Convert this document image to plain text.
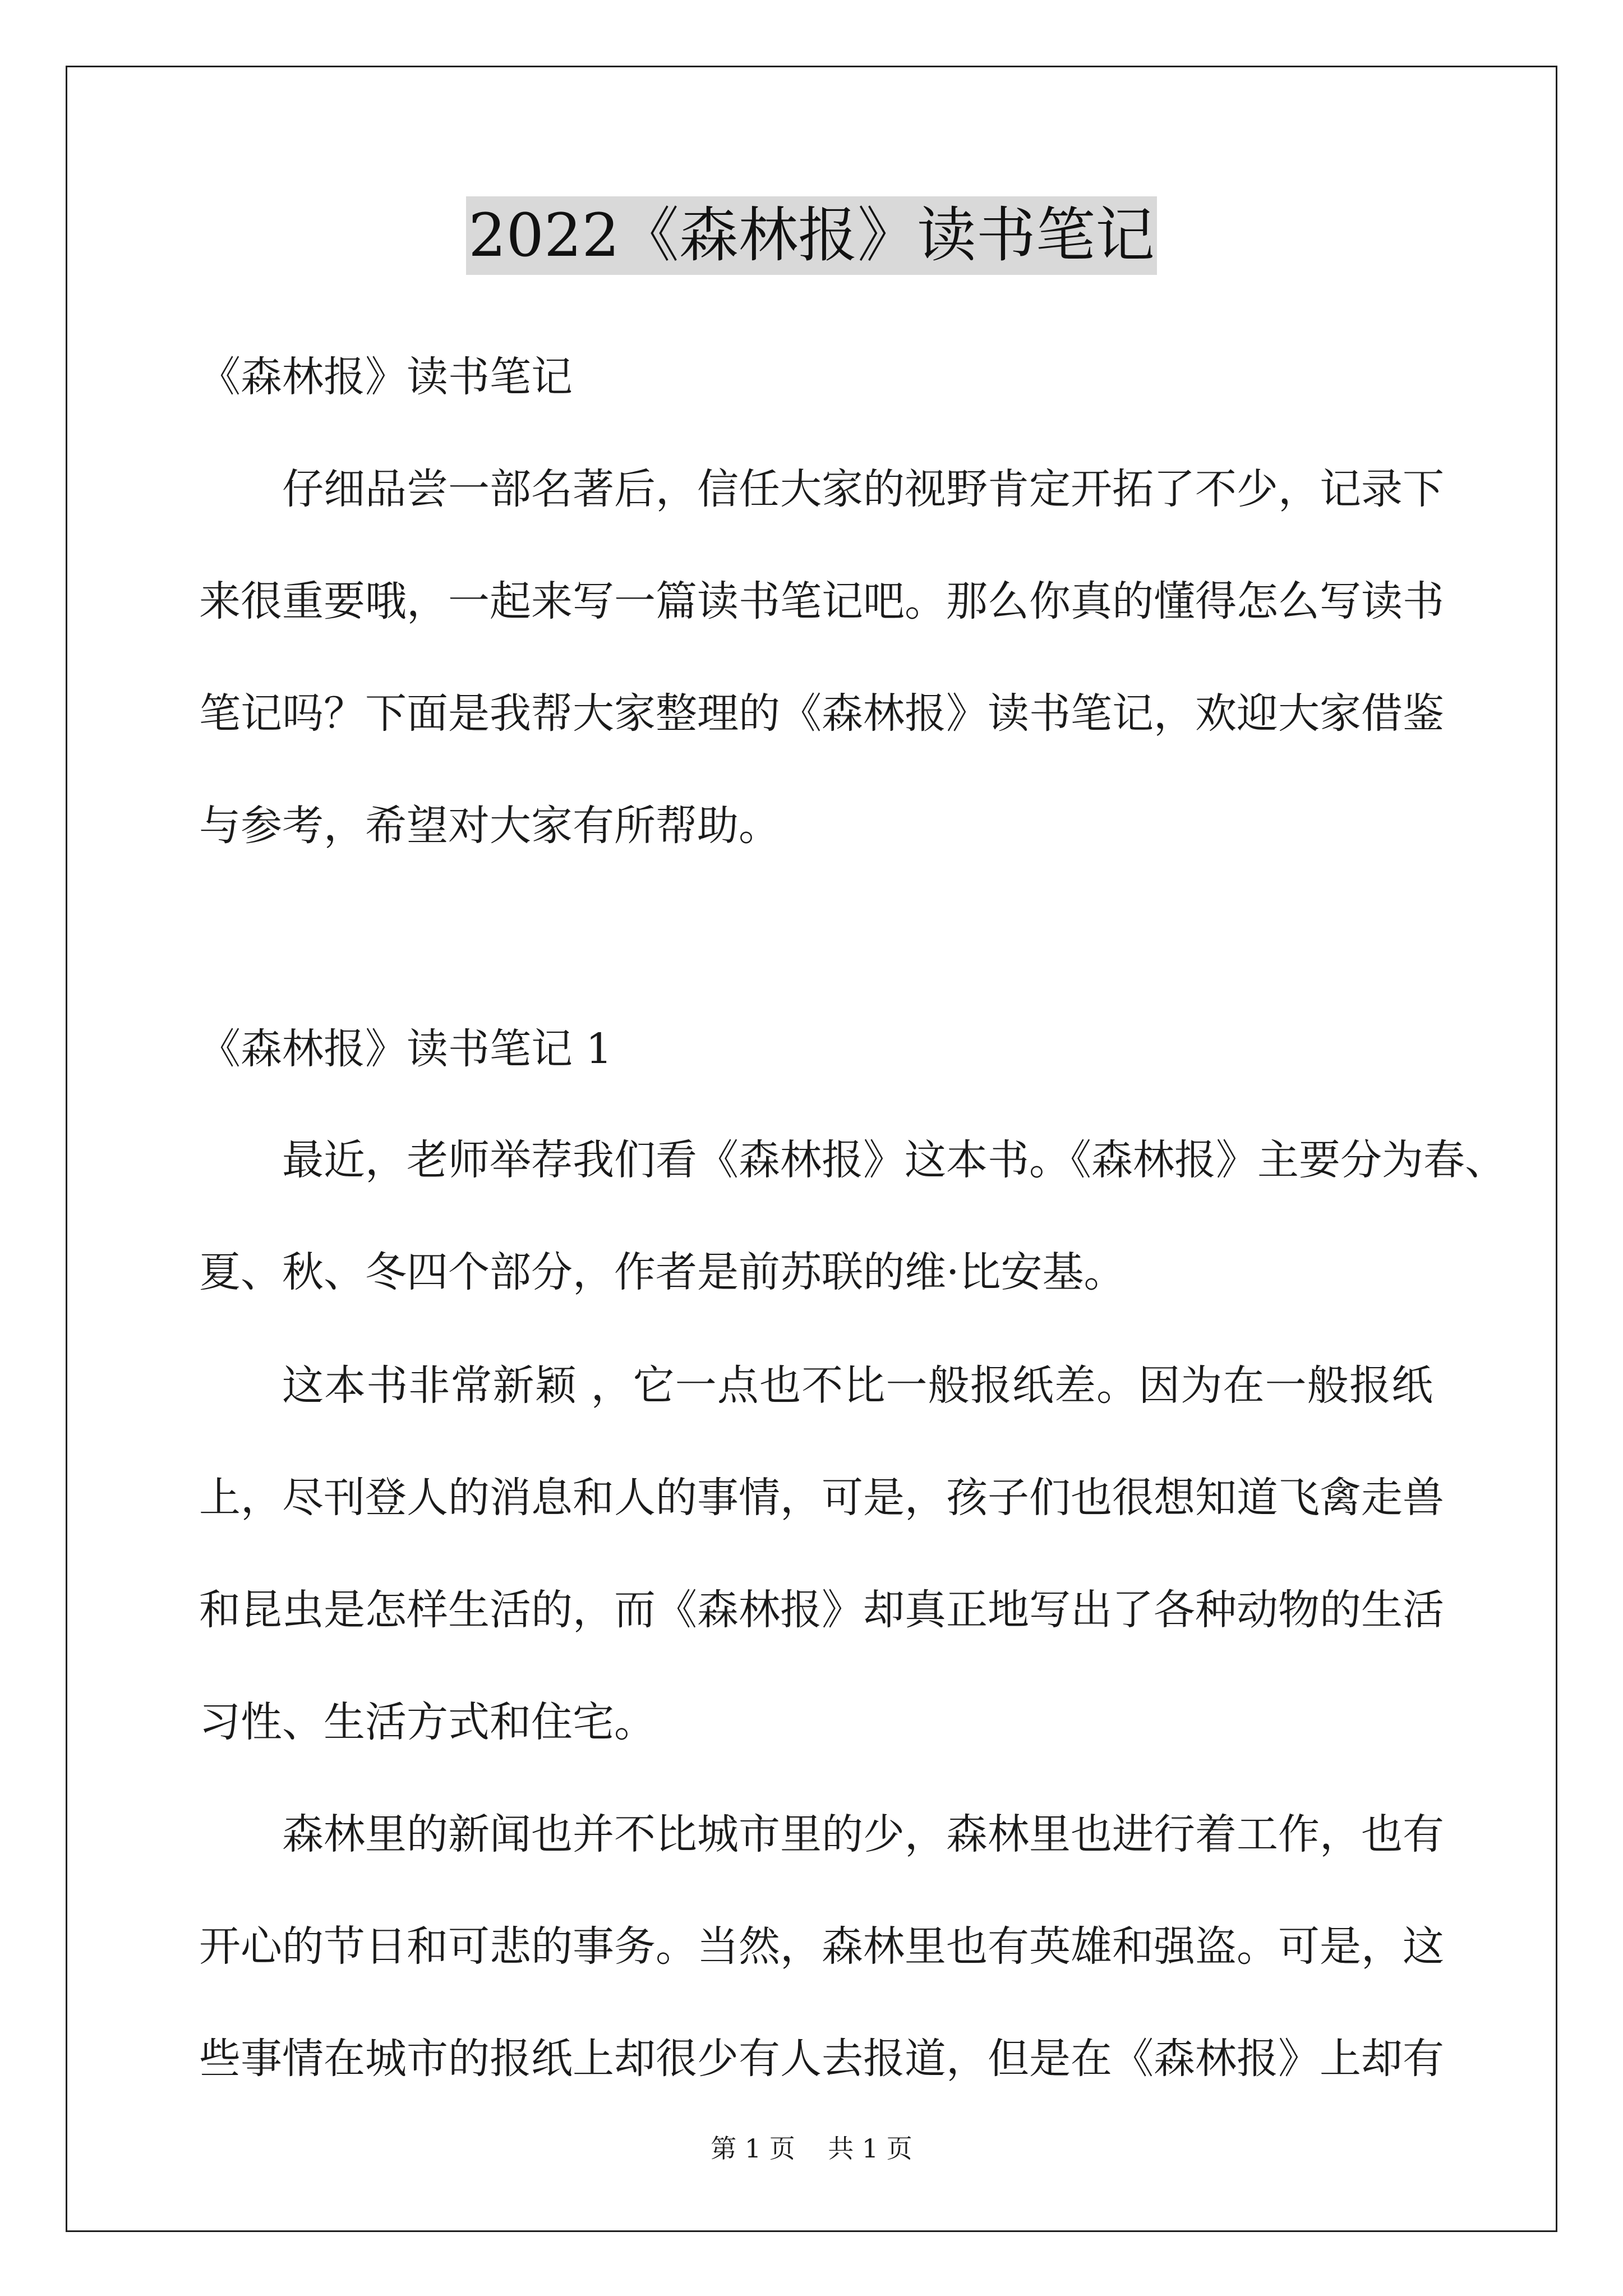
2022《森林报》读书笔记
《森林报》读书笔记
仔细品尝一部名著后，信任大家的视野肯定开拓了不少，记录下
来很重要哦，一起来写一篇读书笔记吧。那么你真的懂得怎么写读书
笔记吗？下面是我帮大家整理的《森林报》读书笔记，欢迎大家借鉴
与参考，希望对大家有所帮助。
《森林报》读书笔记 1
最近，老师举荐我们看《森林报》这本书。《森林报》主要分为春、
夏、秋、冬四个部分，作者是前苏联的维·比安基。
这本书非常新颖 ，它一点也不比一般报纸差。因为在一般报纸
上，尽刊登人的消息和人的事情，可是，孩子们也很想知道飞禽走兽
和昆虫是怎样生活的，而《森林报》却真正地写出了各种动物的生活
习性、生活方式和住宅。
森林里的新闻也并不比城市里的少，森林里也进行着工作，也有
开心的节日和可悲的事务。当然，森林里也有英雄和强盗。可是，这
些事情在城市的报纸上却很少有人去报道，但是在《森林报》上却有
第 1 页    共 1 页
